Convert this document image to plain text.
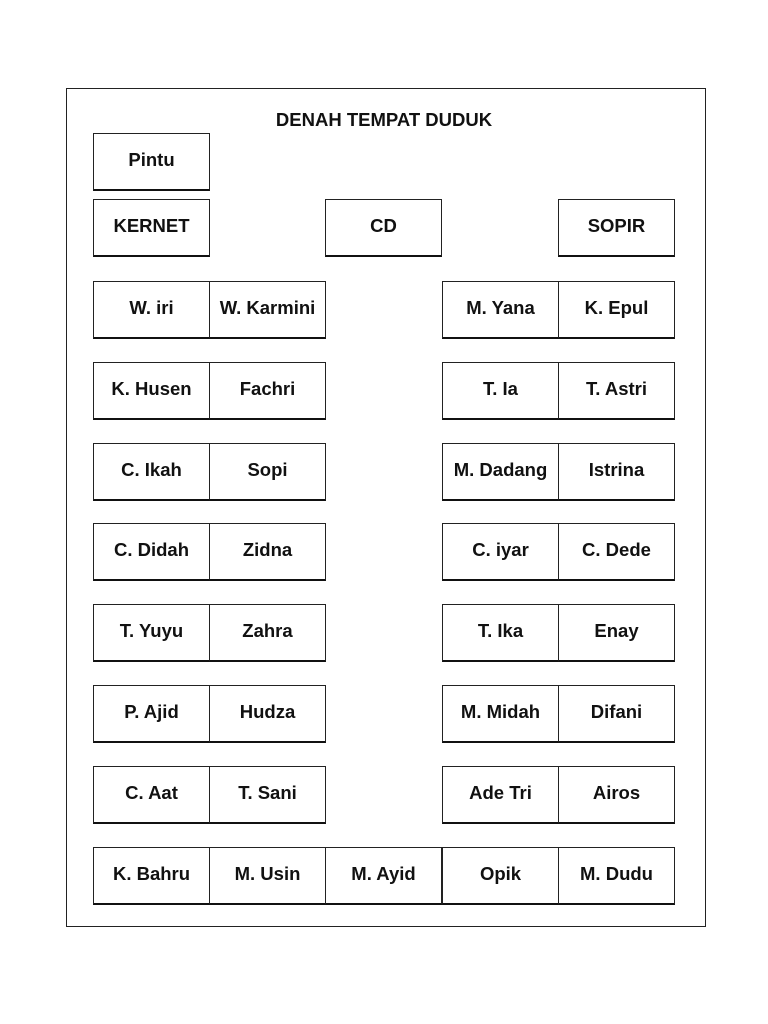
DENAH TEMPAT DUDUK
Pintu
KERNET	CD	SOPIR
W. iri	W. Karmini
K. Husen	Fachri
C. Ikah	Sopi
C. Didah	Zidna
T. Yuyu	Zahra
P. Ajid	Hudza
C. Aat	T. Sani
M. Yana	K. Epul
T. Ia	T. Astri
M. Dadang	Istrina
C. iyar	C. Dede
T. Ika	Enay
M. Midah	Difani
Ade Tri	Airos
K. Bahru	M. Usin	M. Ayid	Opik	M. Dudu
